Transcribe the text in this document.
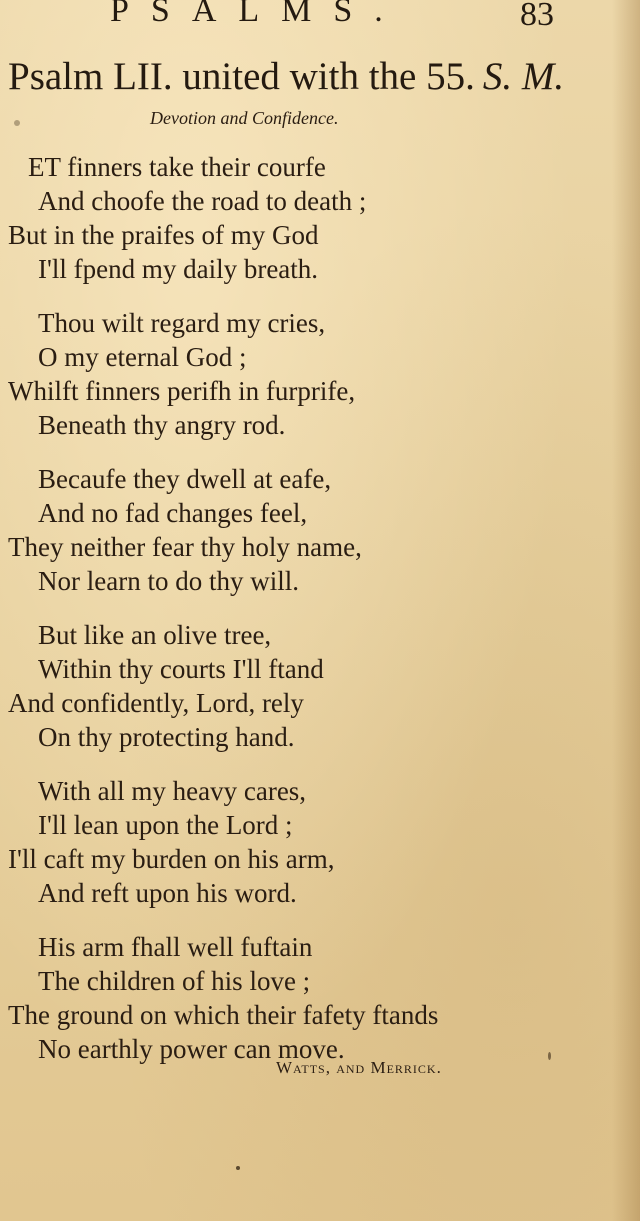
PSALMS.	83
Psalm LII. united with the 55. S. M.
Devotion and Confidence.
ET finners take their courfe
And choofe the road to death ;
But in the praifes of my God
I'll fpend my daily breath.
Thou wilt regard my cries,
O my eternal God ;
Whilft finners perifh in furprife,
Beneath thy angry rod.
Becaufe they dwell at eafe,
And no fad changes feel,
They neither fear thy holy name,
Nor learn to do thy will.
But like an olive tree,
Within thy courts I'll ftand
And confidently, Lord, rely
On thy protecting hand.
With all my heavy cares,
I'll lean upon the Lord ;
I'll caft my burden on his arm,
And reft upon his word.
His arm fhall well fuftain
The children of his love ;
The ground on which their fafety ftands
No earthly power can move.
Watts, and Merrick.
